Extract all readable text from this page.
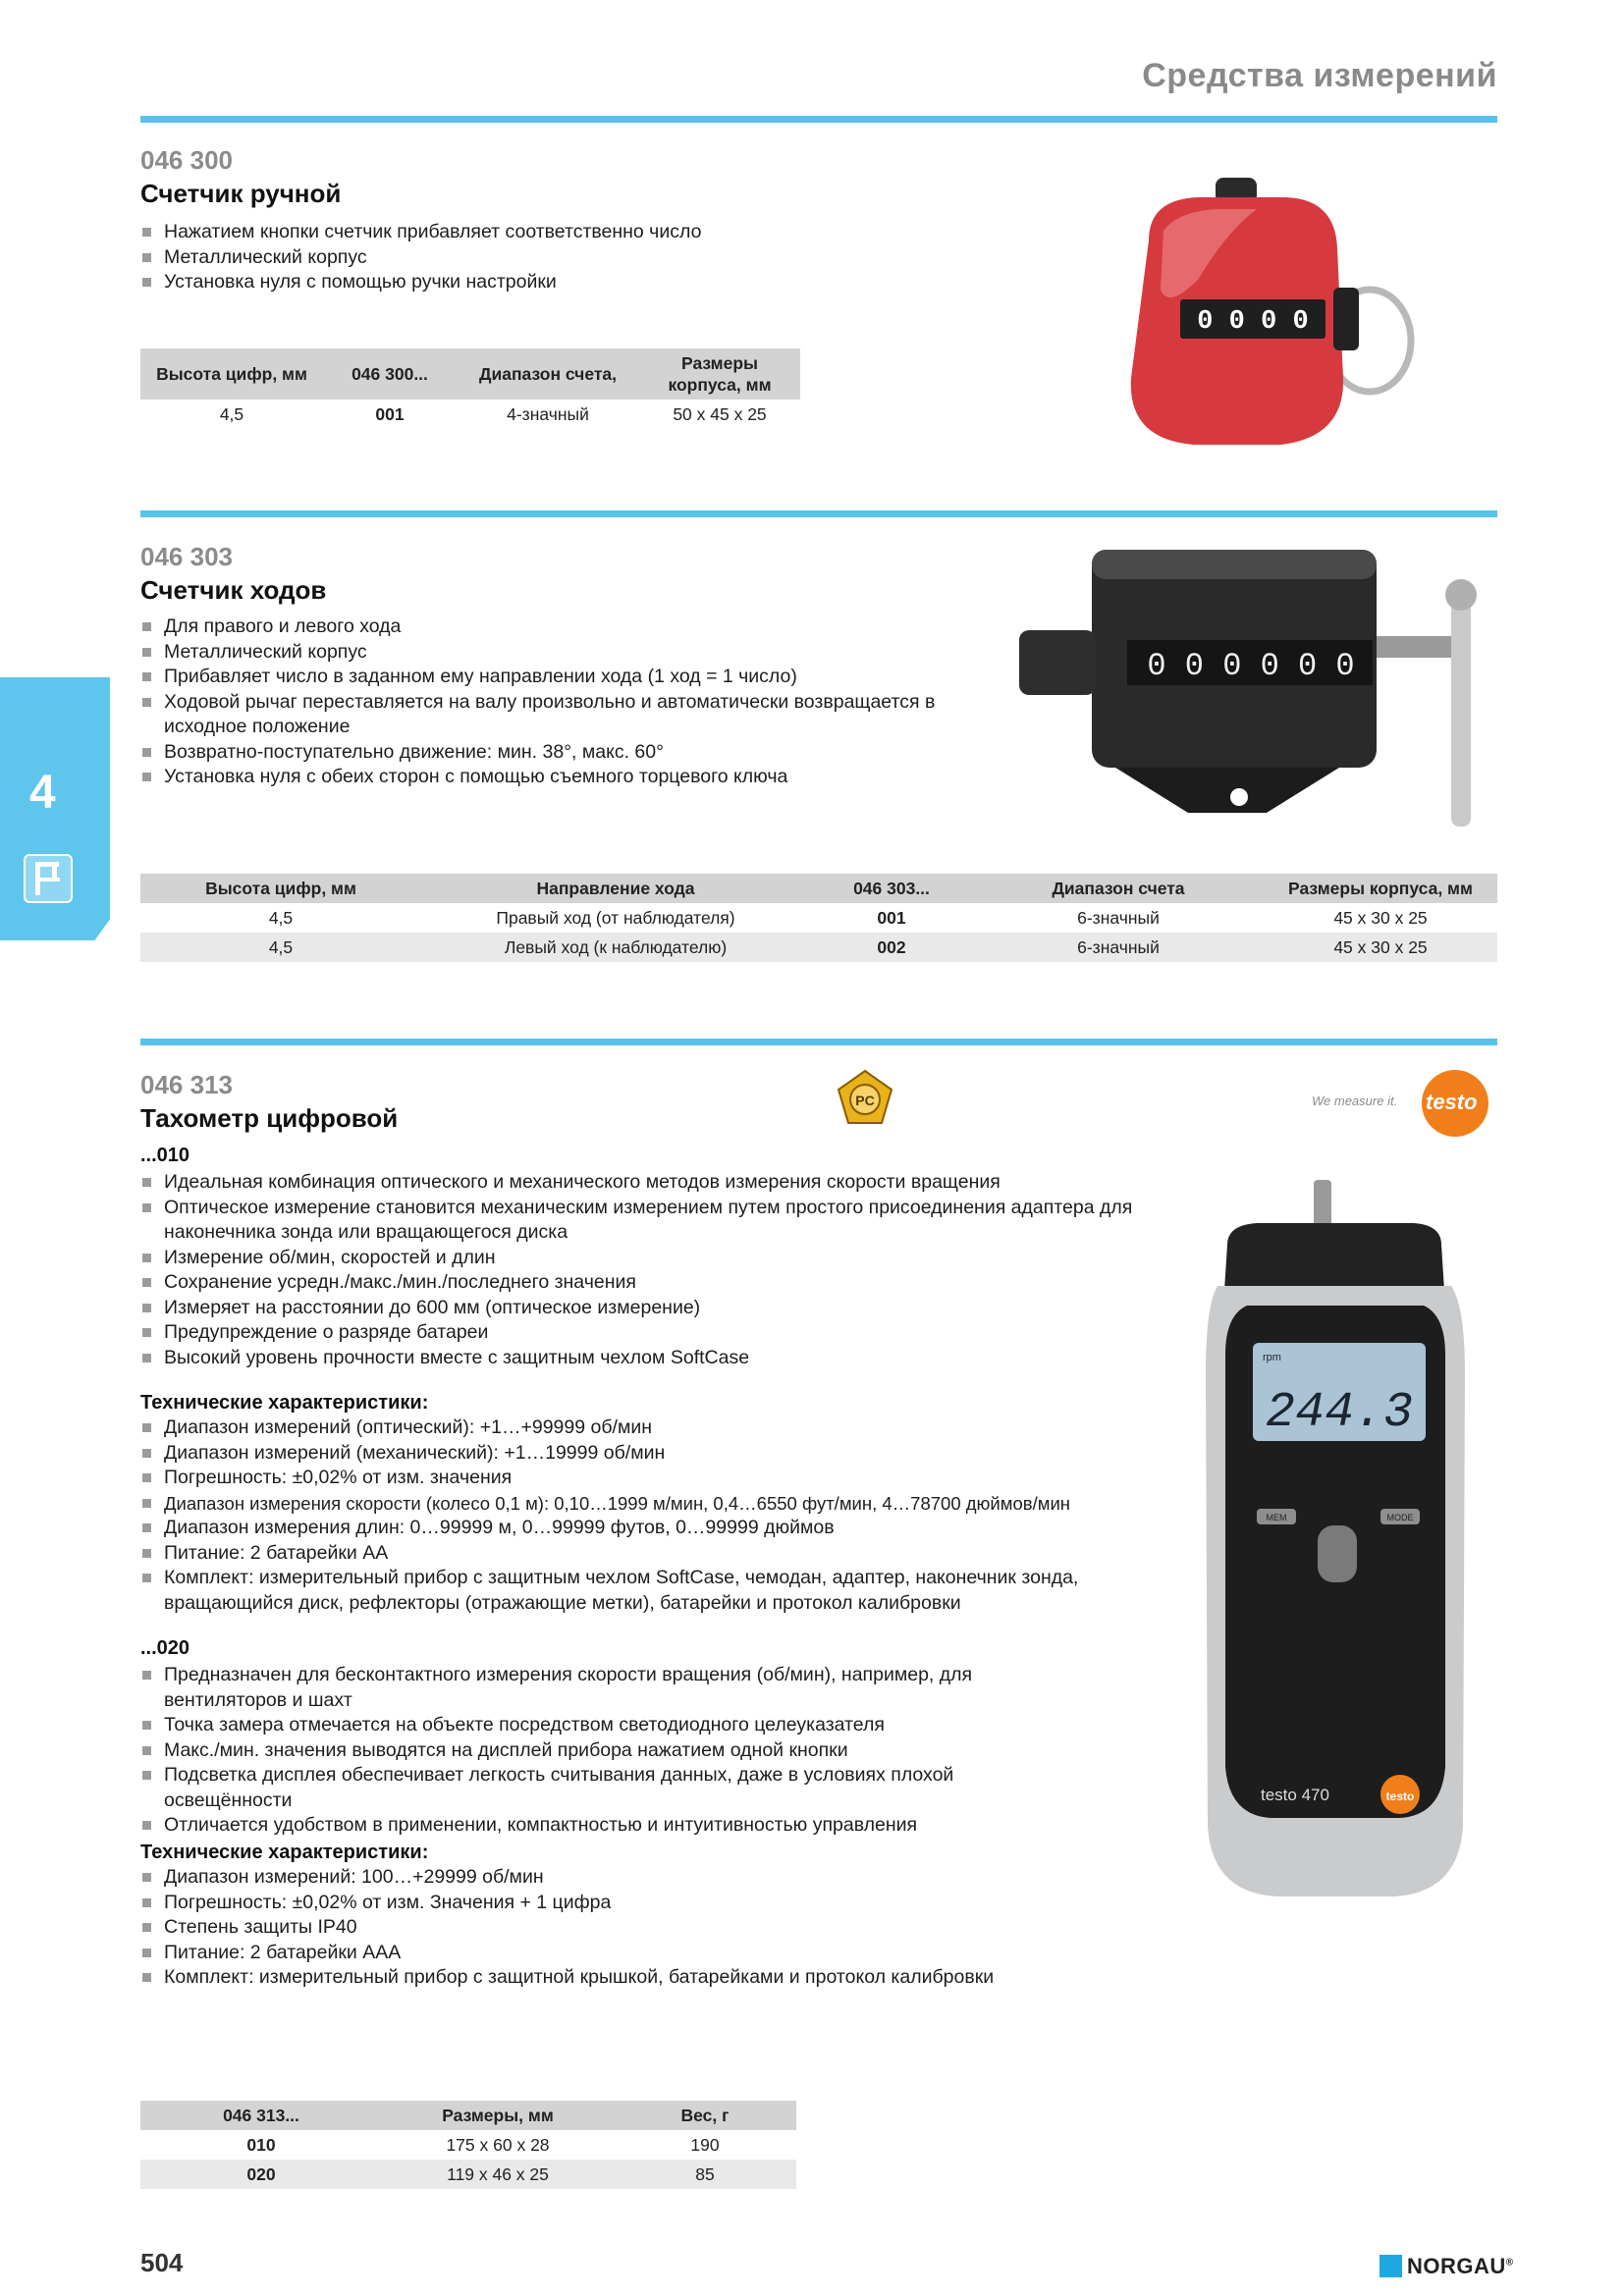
Средства измерений
4
046 300
Счетчик ручной
Нажатием кнопки счетчик прибавляет соответственно число
Металлический корпус
Установка нуля с помощью ручки настройки
Высота цифр, мм	046 300...	Диапазон счета,	Размеры корпуса, мм
4,5	001	4-значный	50 х 45 х 25
0 0 0 0
046 303
Счетчик ходов
Для правого и левого хода
Металлический корпус
Прибавляет число в заданном ему направлении хода (1 ход = 1 число)
Ходовой рычаг переставляется на валу произвольно и автоматически возвращается в исходное положение
Возвратно-поступательно движение: мин. 38°, макс. 60°
Установка нуля с обеих сторон с помощью съемного торцевого ключа
0 0 0 0 0 0
Высота цифр, мм	Направление хода	046 303...	Диапазон счета	Размеры корпуса, мм
4,5	Правый ход (от наблюдателя)	001	6-значный	45 х 30 х 25
4,5	Левый ход (к наблюдателю)	002	6-значный	45 х 30 х 25
046 313
Тахометр цифровой
PC	We measure it. testo
...010
Идеальная комбинация оптического и механического методов измерения скорости вращения
Оптическое измерение становится механическим измерением путем простого присоединения адаптера для наконечника зонда или вращающегося диска
Измерение об/мин, скоростей и длин
Сохранение усредн./макс./мин./последнего значения
Измеряет на расстоянии до 600 мм (оптическое измерение)
Предупреждение о разряде батареи
Высокий уровень прочности вместе с защитным чехлом SoftCase
Технические характеристики:
Диапазон измерений (оптический): +1…+99999 об/мин
Диапазон измерений (механический): +1…19999 об/мин
Погрешность: ±0,02% от изм. значения
Диапазон измерения скорости (колесо 0,1 м): 0,10…1999 м/мин, 0,4…6550 фут/мин, 4…78700 дюймов/мин
Диапазон измерения длин: 0…99999 м, 0…99999 футов, 0…99999 дюймов
Питание: 2 батарейки АА
Комплект: измерительный прибор с защитным чехлом SoftCase, чемодан, адаптер, наконечник зонда, вращающийся диск, рефлекторы (отражающие метки), батарейки и протокол калибровки
...020
Предназначен для бесконтактного измерения скорости вращения (об/мин), например, для вентиляторов и шахт
Точка замера отмечается на объекте посредством светодиодного целеуказателя
Макс./мин. значения выводятся на дисплей прибора нажатием одной кнопки
Подсветка дисплея обеспечивает легкость считывания данных, даже в условиях плохой освещённости
Отличается удобством в применении, компактностью и интуитивностью управления
Технические характеристики:
Диапазон измерений: 100…+29999 об/мин
Погрешность: ±0,02% от изм. Значения + 1 цифра
Степень защиты IP40
Питание: 2 батарейки ААА
Комплект: измерительный прибор с защитной крышкой, батарейками и протокол калибровки
rpm
244.3
MEM	MODE
testo 470	testo
046 313...	Размеры, мм	Вес, г
010	175 х 60 х 28	190
020	119 х 46 х 25	85
504	NORGAU®
